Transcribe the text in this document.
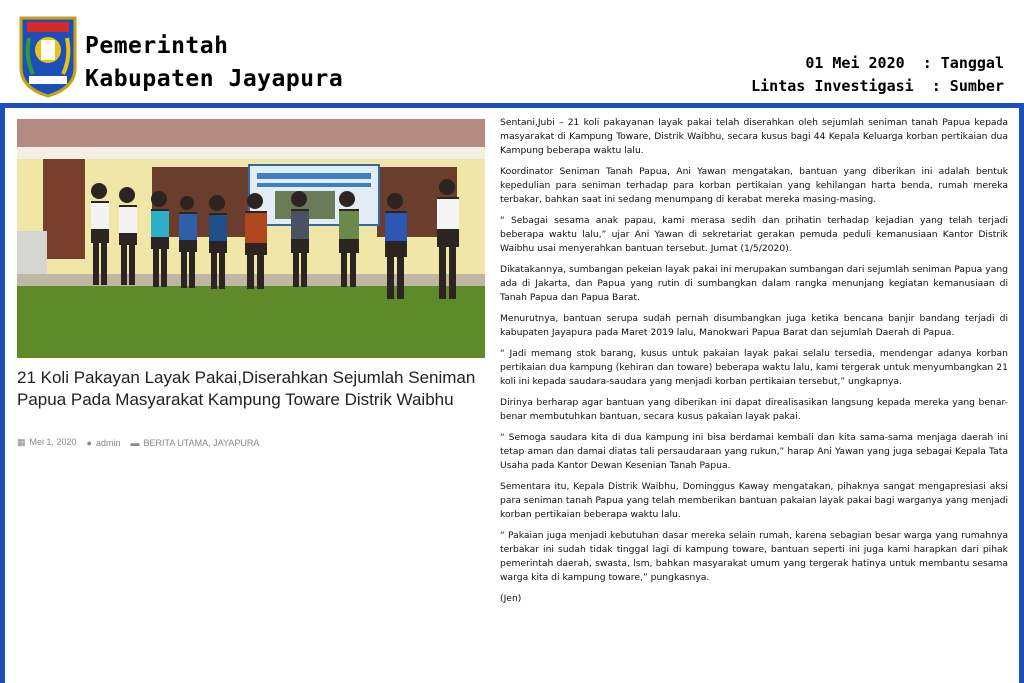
Pemerintah
Kabupaten Jayapura
01 Mei 2020 : Tanggal
Lintas Investigasi : Sumber
21 Koli Pakayan Layak Pakai,Diserahkan Sejumlah Seniman Papua Pada Masyarakat Kampung Toware Distrik Waibhu
▦ Mei 1, 2020 ● admin ▬ BERITA UTAMA, JAYAPURA

Sentani,Jubi – 21 koli pakayanan layak pakai telah diserahkan oleh sejumlah seniman tanah Papua kepada masyarakat di Kampung Toware, Distrik Waibhu, secara kusus bagi 44 Kepala Keluarga korban pertikaian dua Kampung beberapa waktu lalu.

Koordinator Seniman Tanah Papua, Ani Yawan mengatakan, bantuan yang diberikan ini adalah bentuk kepedulian para seniman terhadap para korban pertikaian yang kehilangan harta benda, rumah mereka terbakar, bahkan saat ini sedang menumpang di kerabat mereka masing-masing.

“ Sebagai sesama anak papau, kami merasa sedih dan prihatin terhadap kejadian yang telah terjadi beberapa waktu lalu,” ujar Ani Yawan di sekretariat gerakan pemuda peduli kemanusiaan Kantor Distrik Waibhu usai menyerahkan bantuan tersebut. Jumat (1/5/2020).

Dikatakannya, sumbangan pekeian layak pakai ini merupakan sumbangan dari sejumlah seniman Papua yang ada di Jakarta, dan Papua yang rutin di sumbangkan dalam rangka menunjang kegiatan kemanusiaan di Tanah Papua dan Papua Barat.

Menurutnya, bantuan serupa sudah pernah disumbangkan juga ketika bencana banjir bandang terjadi di kabupaten Jayapura pada Maret 2019 lalu, Manokwari Papua Barat dan sejumlah Daerah di Papua.

“ Jadi memang stok barang, kusus untuk pakaian layak pakai selalu tersedia, mendengar adanya korban pertikaian dua kampung (kehiran dan toware) beberapa waktu lalu, kami tergerak untuk menyumbangkan 21 koli ini kepada saudara-saudara yang menjadi korban pertikaian tersebut,” ungkapnya.

Dirinya berharap agar bantuan yang diberikan ini dapat direalisasikan langsung kepada mereka yang benar-benar membutuhkan bantuan, secara kusus pakaian layak pakai.

“ Semoga saudara kita di dua kampung ini bisa berdamai kembali dan kita sama-sama menjaga daerah ini tetap aman dan damai diatas tali persaudaraan yang rukun,” harap Ani Yawan yang juga sebagai Kepala Tata Usaha pada Kantor Dewan Kesenian Tanah Papua.

Sementara itu, Kepala Distrik Waibhu, Dominggus Kaway mengatakan, pihaknya sangat mengapresiasi aksi para seniman tanah Papua yang telah memberikan bantuan pakaian layak pakai bagi warganya yang menjadi korban pertikaian beberapa waktu lalu.

“ Pakaian juga menjadi kebutuhan dasar mereka selain rumah, karena sebagian besar warga yang rumahnya terbakar ini sudah tidak tinggal lagi di kampung toware, bantuan seperti ini juga kami harapkan dari pihak pemerintah daerah, swasta, lsm, bahkan masyarakat umum yang tergerak hatinya untuk membantu sesama warga kita di kampung toware,” pungkasnya.

(Jen)
